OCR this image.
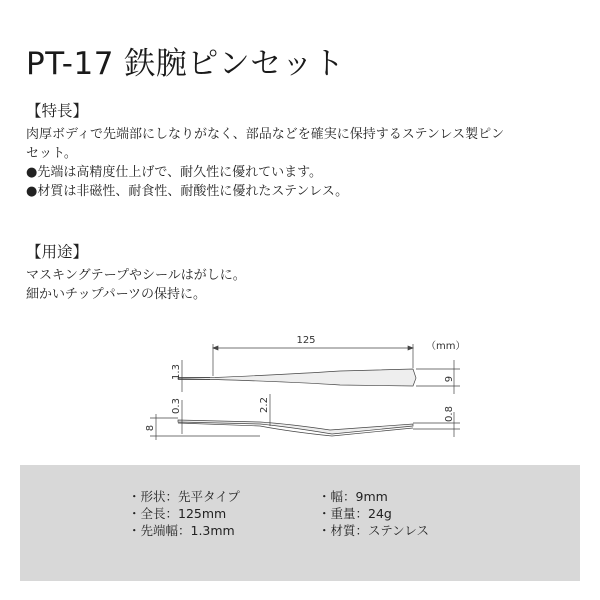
PT-17 鉄腕ピンセット
【特長】
肉厚ボディで先端部にしなりがなく、部品などを確実に保持するステンレス製ピン
セット。
●先端は高精度仕上げで、耐久性に優れています。
●材質は非磁性、耐食性、耐酸性に優れたステンレス。
【用途】
マスキングテープやシールはがしに。
細かいチップパーツの保持に。
125
（mm）
1.3	9
8
0.3	2.2
0.8
・形状：先平タイプ
・全長：125mm
・先端幅：1.3mm
・幅：9mm
・重量：24g
・材質：ステンレス
